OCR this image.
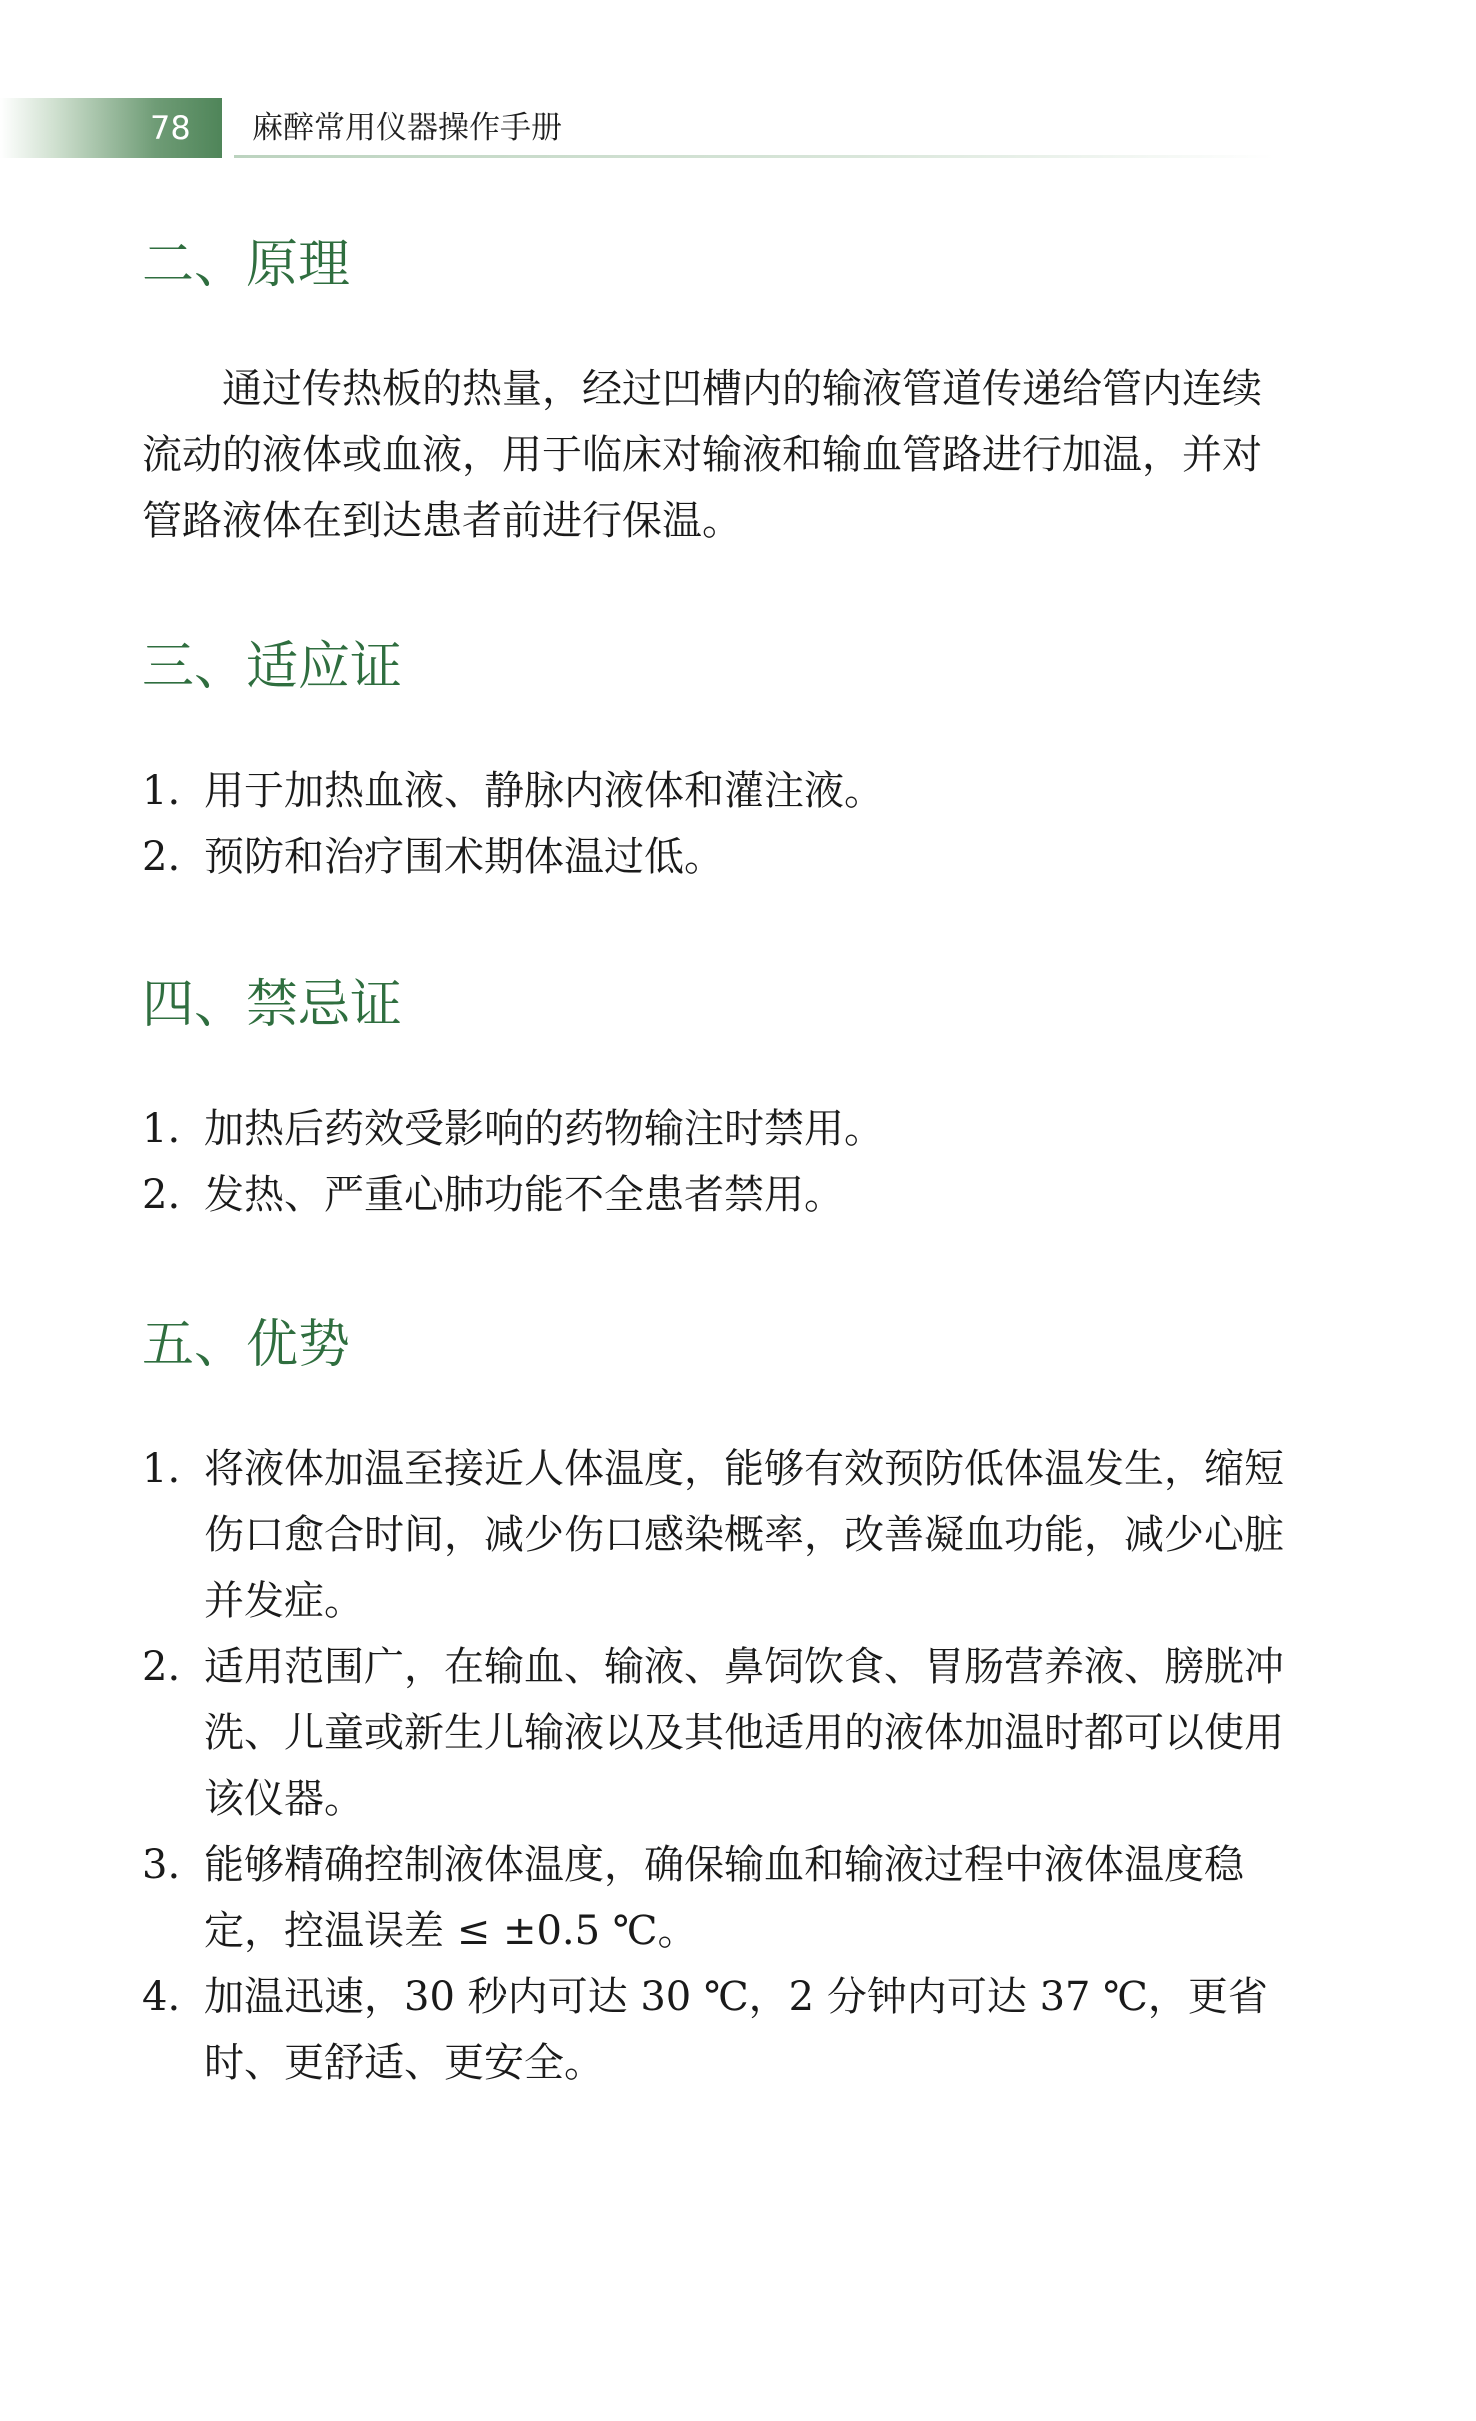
78 麻醉常用仪器操作手册
二、原理

通过传热板的热量，经过凹槽内的输液管道传递给管内连续流动的液体或血液，用于临床对输液和输血管路进行加温，并对管路液体在到达患者前进行保温。

三、适应证
1. 用于加热血液、静脉内液体和灌注液。
2. 预防和治疗围术期体温过低。
四、禁忌证
1. 加热后药效受影响的药物输注时禁用。
2. 发热、严重心肺功能不全患者禁用。
五、优势
1. 将液体加温至接近人体温度，能够有效预防低体温发生，缩短伤口愈合时间，减少伤口感染概率，改善凝血功能，减少心脏并发症。
2. 适用范围广，在输血、输液、鼻饲饮食、胃肠营养液、膀胱冲洗、儿童或新生儿输液以及其他适用的液体加温时都可以使用该仪器。
3. 能够精确控制液体温度，确保输血和输液过程中液体温度稳定，控温误差 ≤ ±0.5 ℃。
4. 加温迅速，30 秒内可达 30 ℃，2 分钟内可达 37 ℃，更省时、更舒适、更安全。
